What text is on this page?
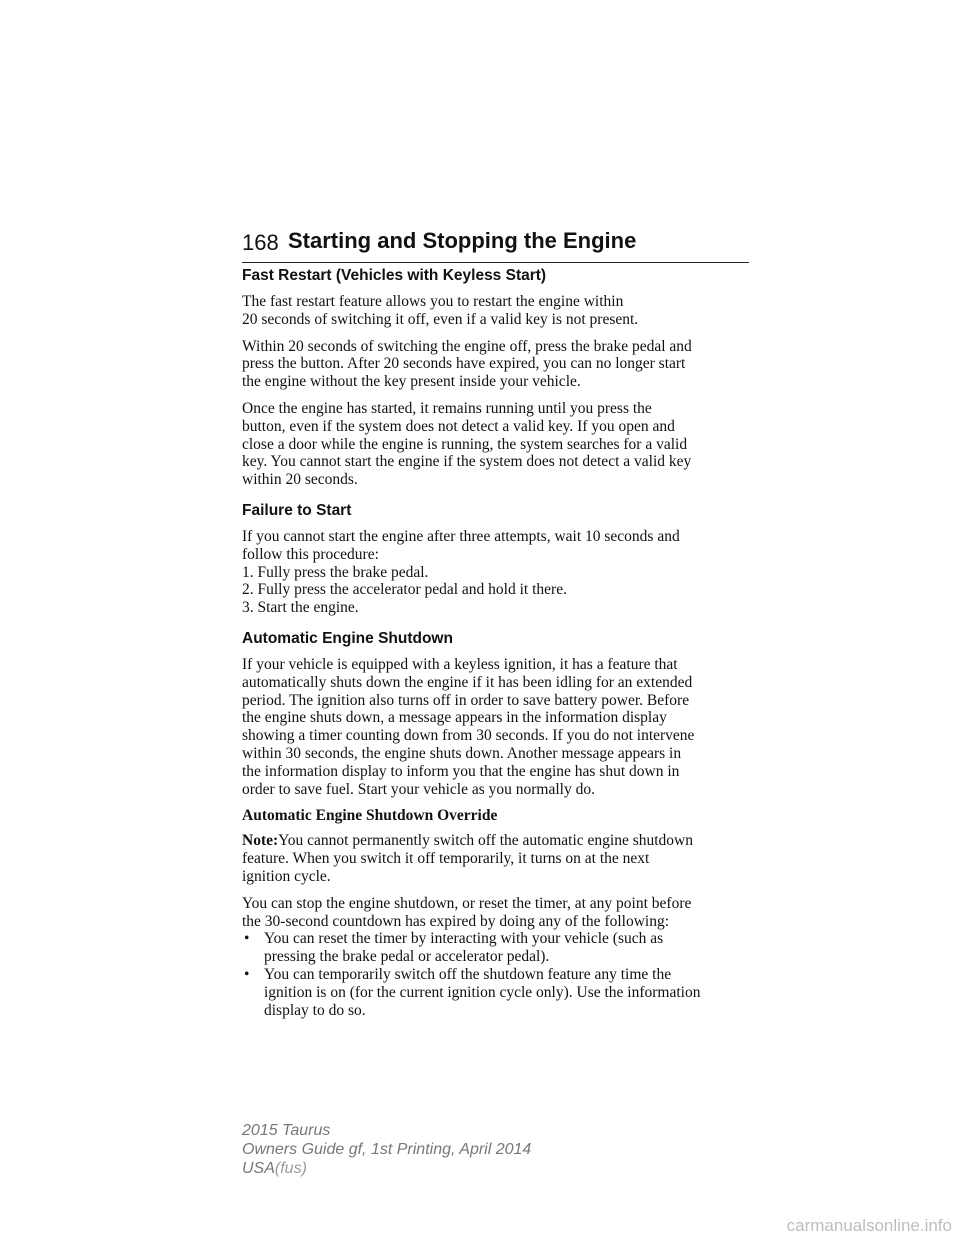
168 Starting and Stopping the Engine
Fast Restart (Vehicles with Keyless Start)

The fast restart feature allows you to restart the engine within
20 seconds of switching it off, even if a valid key is not present.

Within 20 seconds of switching the engine off, press the brake pedal and
press the button. After 20 seconds have expired, you can no longer start
the engine without the key present inside your vehicle.

Once the engine has started, it remains running until you press the
button, even if the system does not detect a valid key. If you open and
close a door while the engine is running, the system searches for a valid
key. You cannot start the engine if the system does not detect a valid key
within 20 seconds.

Failure to Start

If you cannot start the engine after three attempts, wait 10 seconds and
follow this procedure:

1. Fully press the brake pedal.
2. Fully press the accelerator pedal and hold it there.
3. Start the engine.
Automatic Engine Shutdown

If your vehicle is equipped with a keyless ignition, it has a feature that
automatically shuts down the engine if it has been idling for an extended
period. The ignition also turns off in order to save battery power. Before
the engine shuts down, a message appears in the information display
showing a timer counting down from 30 seconds. If you do not intervene
within 30 seconds, the engine shuts down. Another message appears in
the information display to inform you that the engine has shut down in
order to save fuel. Start your vehicle as you normally do.

Automatic Engine Shutdown Override

Note:You cannot permanently switch off the automatic engine shutdown
feature. When you switch it off temporarily, it turns on at the next
ignition cycle.

You can stop the engine shutdown, or reset the timer, at any point before
the 30-second countdown has expired by doing any of the following:

• You can reset the timer by interacting with your vehicle (such as
pressing the brake pedal or accelerator pedal).
• You can temporarily switch off the shutdown feature any time the
ignition is on (for the current ignition cycle only). Use the information
display to do so.
2015 Taurus
Owners Guide gf, 1st Printing, April 2014
USA(fus)
carmanualsonline.info
